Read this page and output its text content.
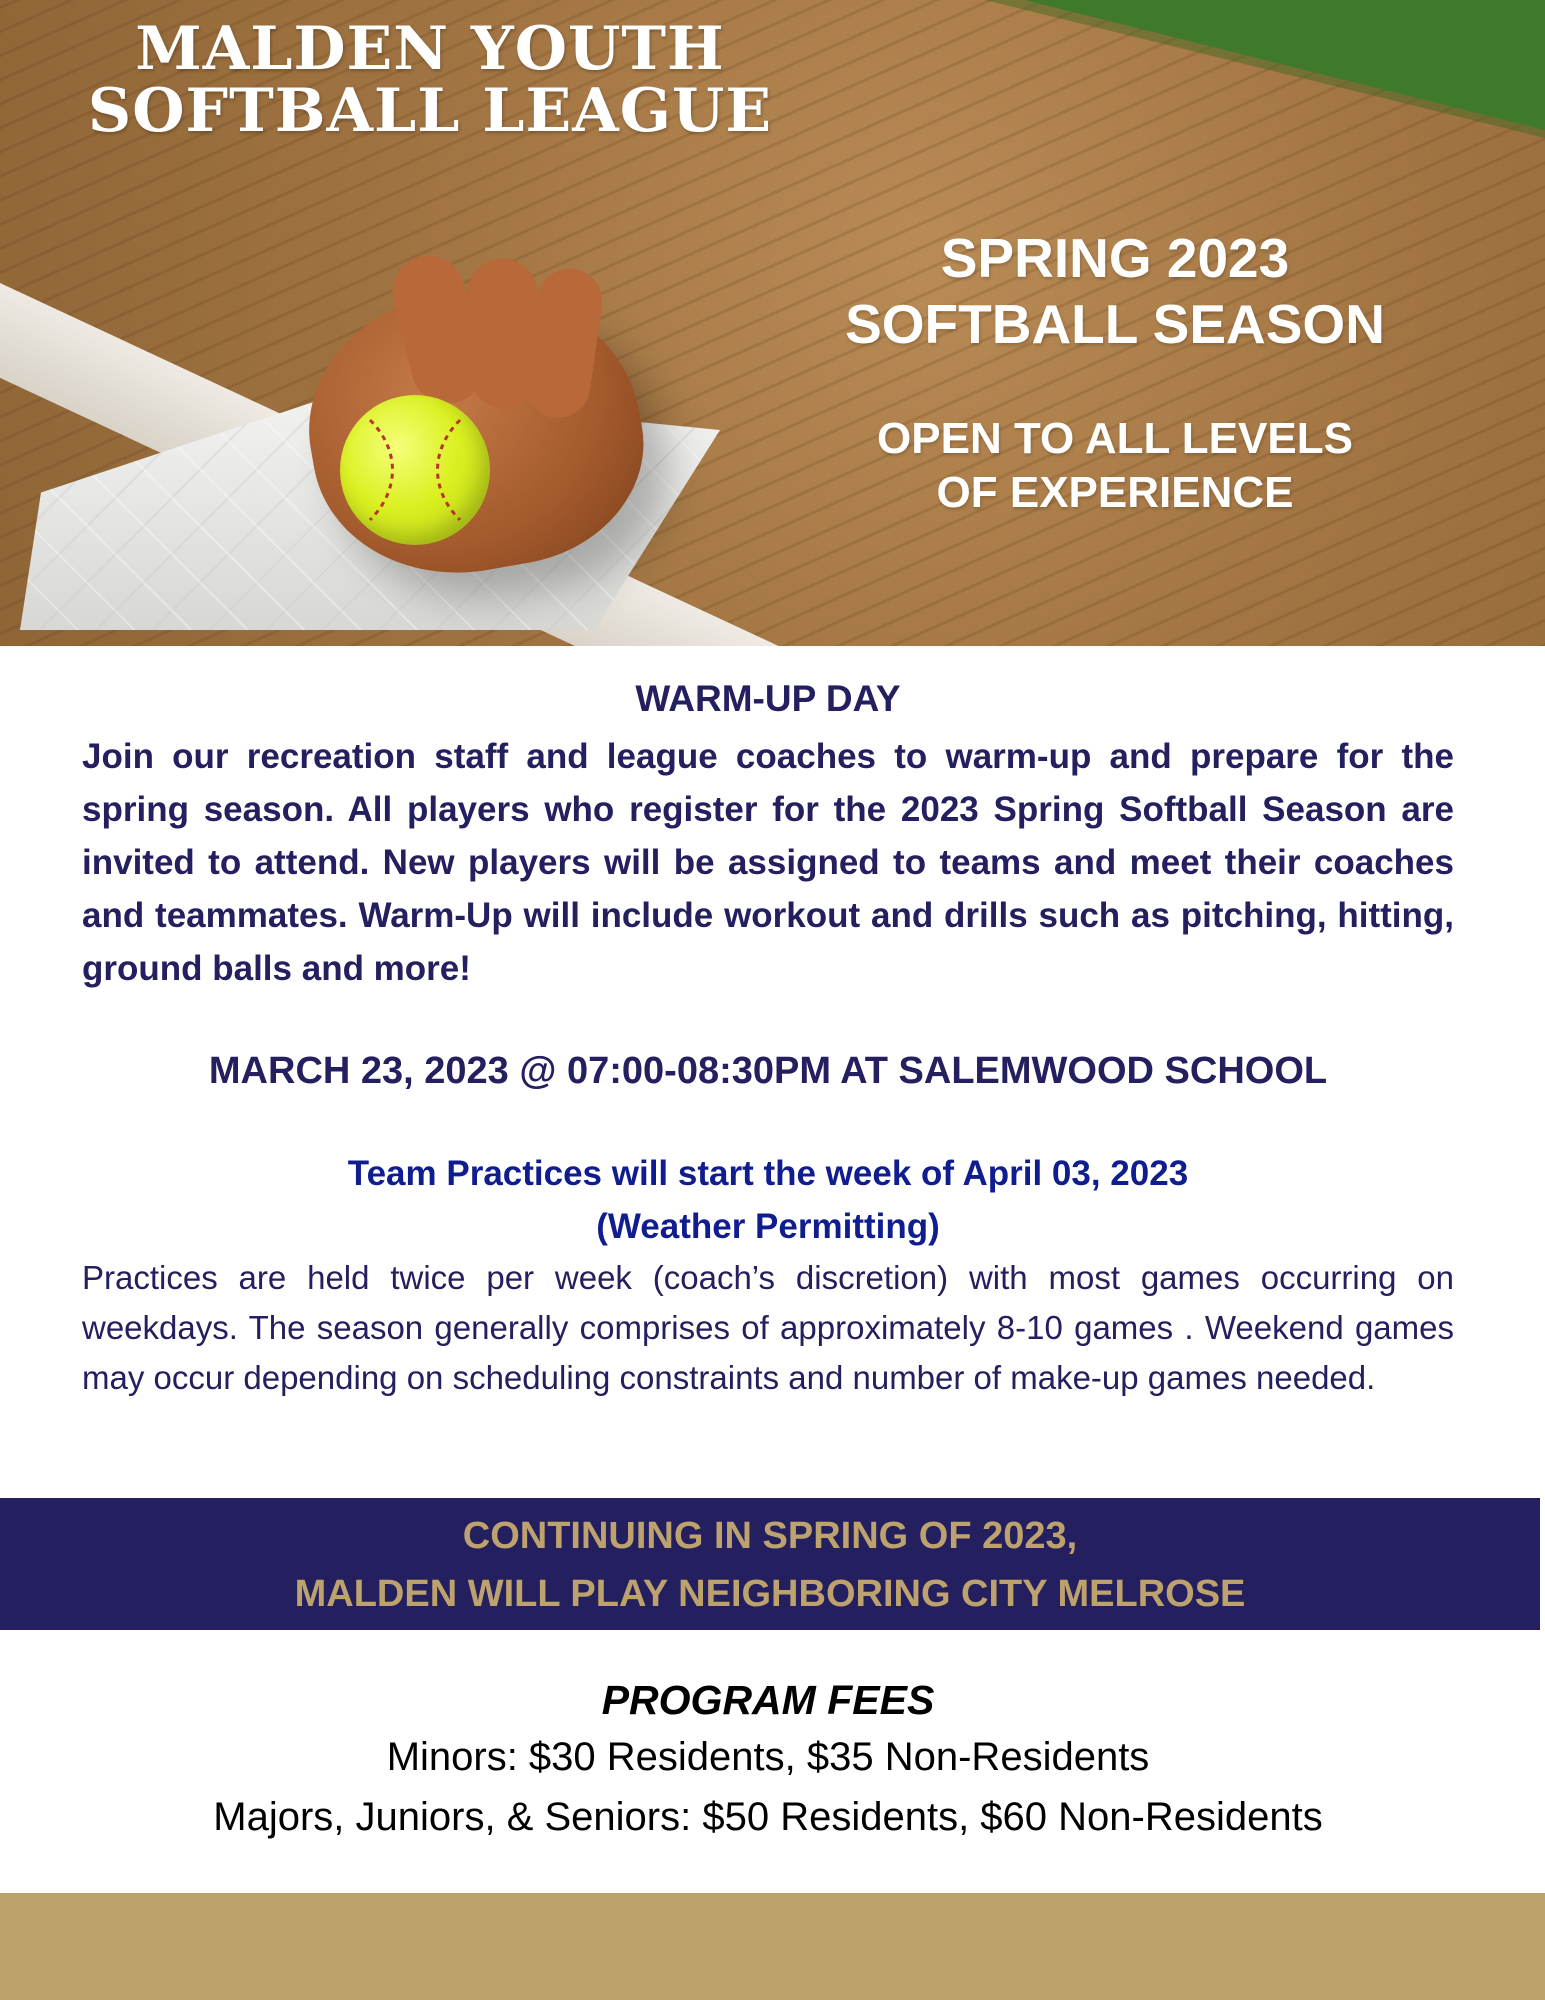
MALDEN YOUTH
SOFTBALL LEAGUE
SPRING 2023
SOFTBALL SEASON
OPEN TO ALL LEVELS
OF EXPERIENCE
WARM-UP DAY

Join our recreation staff and league coaches to warm-up and prepare for the spring season. All players who register for the 2023 Spring Softball Season are invited to attend. New players will be assigned to teams and meet their coaches and teammates. Warm-Up will include workout and drills such as pitching, hitting, ground balls and more!

MARCH 23, 2023 @ 07:00-08:30PM AT SALEMWOOD SCHOOL
Team Practices will start the week of April 03, 2023
(Weather Permitting)

Practices are held twice per week (coach’s discretion) with most games occurring on weekdays. The season generally comprises of approximately 8-10 games . Weekend games may occur depending on scheduling constraints and number of make-up games needed.

CONTINUING IN SPRING OF 2023,
MALDEN WILL PLAY NEIGHBORING CITY MELROSE
PROGRAM FEES
Minors: $30 Residents, $35 Non-Residents
Majors, Juniors, & Seniors: $50 Residents, $60 Non-Residents
